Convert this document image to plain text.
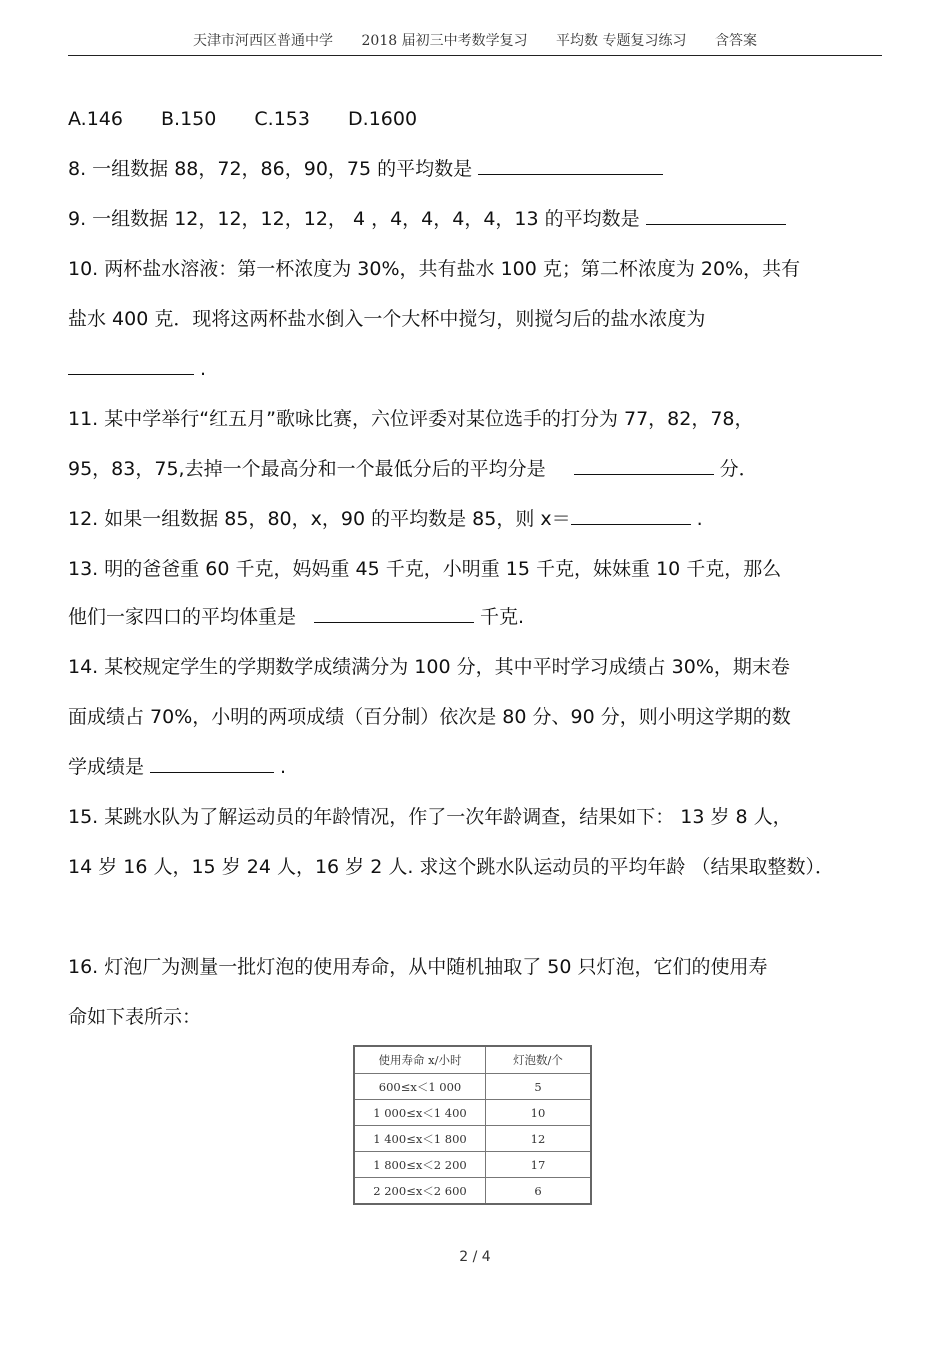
天津市河西区普通中学 2018 届初三中考数学复习 平均数 专题复习练习 含答案
A.146 B.150 C.153 D.1600
8. 一组数据 88，72，86，90，75 的平均数是
9. 一组数据 12，12，12，12， 4 ，4，4，4，4，13 的平均数是
10. 两杯盐水溶液：第一杯浓度为 30%，共有盐水 100 克；第二杯浓度为 20%，共有
盐水 400 克．现将这两杯盐水倒入一个大杯中搅匀，则搅匀后的盐水浓度为
.
11. 某中学举行“红五月”歌咏比赛，六位评委对某位选手的打分为 77，82，78，
95，83，75,去掉一个最高分和一个最低分后的平均分是	分．
12. 如果一组数据 85，80，x，90 的平均数是 85，则 x＝	.
13. 明的爸爸重 60 千克，妈妈重 45 千克，小明重 15 千克，妹妹重 10 千克，那么
他们一家四口的平均体重是	千克.
14. 某校规定学生的学期数学成绩满分为 100 分，其中平时学习成绩占 30%，期末卷
面成绩占 70%，小明的两项成绩（百分制）依次是 80 分、90 分，则小明这学期的数
学成绩是	.
15. 某跳水队为了解运动员的年龄情况，作了一次年龄调查，结果如下： 13 岁 8 人，
14 岁 16 人，15 岁 24 人，16 岁 2 人. 求这个跳水队运动员的平均年龄 （结果取整数）．
16. 灯泡厂为测量一批灯泡的使用寿命，从中随机抽取了 50 只灯泡，它们的使用寿
命如下表所示：
使用寿命 x/小时	灯泡数/个
600≤x＜1 000	5
1 000≤x＜1 400	10
1 400≤x＜1 800	12
1 800≤x＜2 200	17
2 200≤x＜2 600	6
2 / 4
